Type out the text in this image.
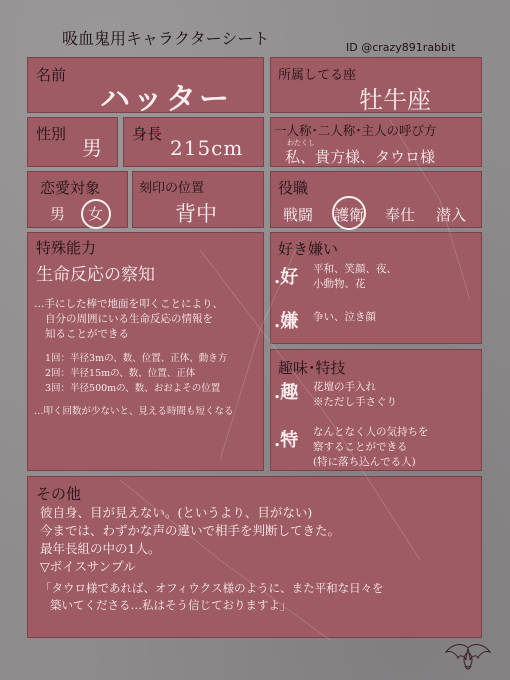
吸血鬼用キャラクターシート	ID @crazy891rabbit
名前
ハッター
所属してる座
牡牛座
性別
男
身長
215cm
一人称･二人称･主人の呼び方
わたくし
私、貴方様、タウロ様
恋愛対象
男 女
刻印の位置
背中
役職
戦闘 護衛 奉仕 潜入
特殊能力
生命反応の察知
…手にした棒で地面を叩くことにより、
自分の周囲にいる生命反応の情報を
知ることができる
1回：半径3mの、数、位置、正体、動き方
2回：半径15mの、数、位置、正体
3回：半径500mの、数、おおよその位置
…叩く回数が少ないと、見える時間も短くなる
好き嫌い
.好 平和、笑顔、夜、
小動物、花
.嫌 争い、泣き顔
趣味･特技
.趣 花壇の手入れ
※ただし手さぐり
.特 なんとなく人の気持ちを
察することができる
(特に落ち込んでる人)
その他
彼自身、目が見えない。(というより、目がない)
今までは、わずかな声の違いで相手を判断してきた。
最年長組の中の1人。
▽ボイスサンプル
「タウロ様であれば、オフィウクス様のように、また平和な日々を
築いてくださる…私はそう信じておりますよ」
